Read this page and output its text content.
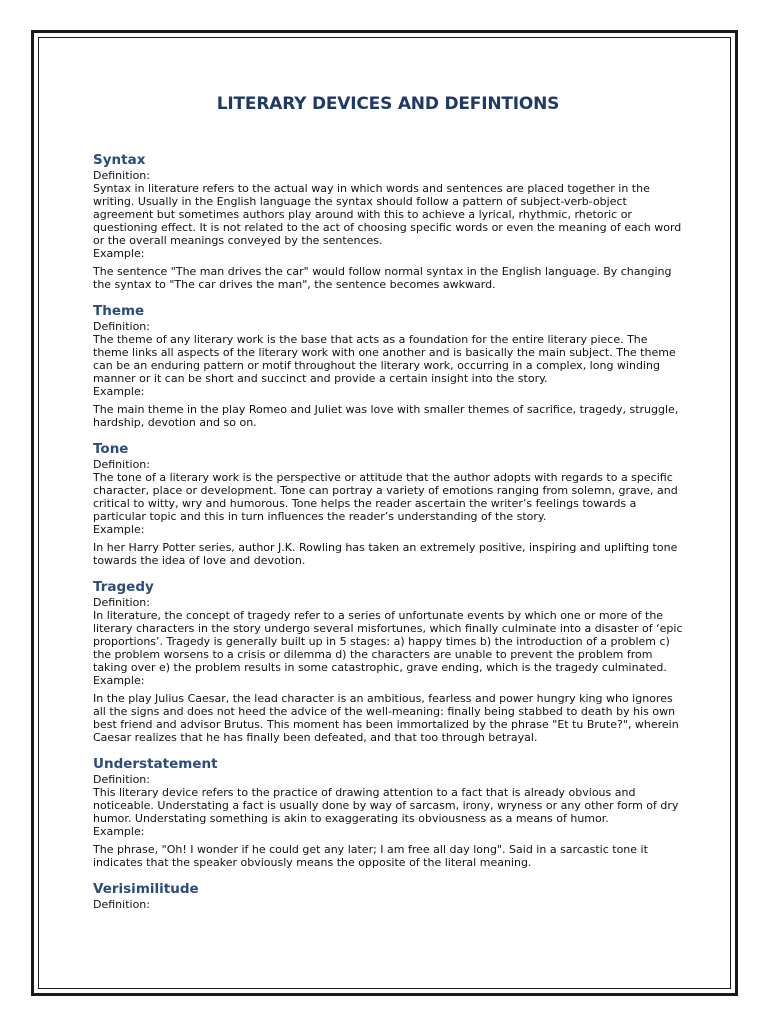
LITERARY DEVICES AND DEFINTIONS
Syntax

Definition:

Syntax in literature refers to the actual way in which words and sentences are placed together in the writing. Usually in the English language the syntax should follow a pattern of subject-verb-object agreement but sometimes authors play around with this to achieve a lyrical, rhythmic, rhetoric or questioning effect. It is not related to the act of choosing specific words or even the meaning of each word or the overall meanings conveyed by the sentences.

Example:

The sentence "The man drives the car" would follow normal syntax in the English language. By changing the syntax to "The car drives the man", the sentence becomes awkward.

Theme

Definition:

The theme of any literary work is the base that acts as a foundation for the entire literary piece. The theme links all aspects of the literary work with one another and is basically the main subject. The theme can be an enduring pattern or motif throughout the literary work, occurring in a complex, long winding manner or it can be short and succinct and provide a certain insight into the story.

Example:

The main theme in the play Romeo and Juliet was love with smaller themes of sacrifice, tragedy, struggle, hardship, devotion and so on.

Tone

Definition:

The tone of a literary work is the perspective or attitude that the author adopts with regards to a specific character, place or development. Tone can portray a variety of emotions ranging from solemn, grave, and critical to witty, wry and humorous. Tone helps the reader ascertain the writer’s feelings towards a particular topic and this in turn influences the reader’s understanding of the story.

Example:

In her Harry Potter series, author J.K. Rowling has taken an extremely positive, inspiring and uplifting tone towards the idea of love and devotion.

Tragedy

Definition:

In literature, the concept of tragedy refer to a series of unfortunate events by which one or more of the literary characters in the story undergo several misfortunes, which finally culminate into a disaster of ‘epic proportions’. Tragedy is generally built up in 5 stages: a) happy times b) the introduction of a problem c) the problem worsens to a crisis or dilemma d) the characters are unable to prevent the problem from taking over e) the problem results in some catastrophic, grave ending, which is the tragedy culminated.

Example:

In the play Julius Caesar, the lead character is an ambitious, fearless and power hungry king who ignores all the signs and does not heed the advice of the well-meaning: finally being stabbed to death by his own best friend and advisor Brutus. This moment has been immortalized by the phrase "Et tu Brute?", wherein Caesar realizes that he has finally been defeated, and that too through betrayal.

Understatement

Definition:

This literary device refers to the practice of drawing attention to a fact that is already obvious and noticeable. Understating a fact is usually done by way of sarcasm, irony, wryness or any other form of dry humor. Understating something is akin to exaggerating its obviousness as a means of humor.

Example:

The phrase, "Oh! I wonder if he could get any later; I am free all day long". Said in a sarcastic tone it indicates that the speaker obviously means the opposite of the literal meaning.

Verisimilitude

Definition:
